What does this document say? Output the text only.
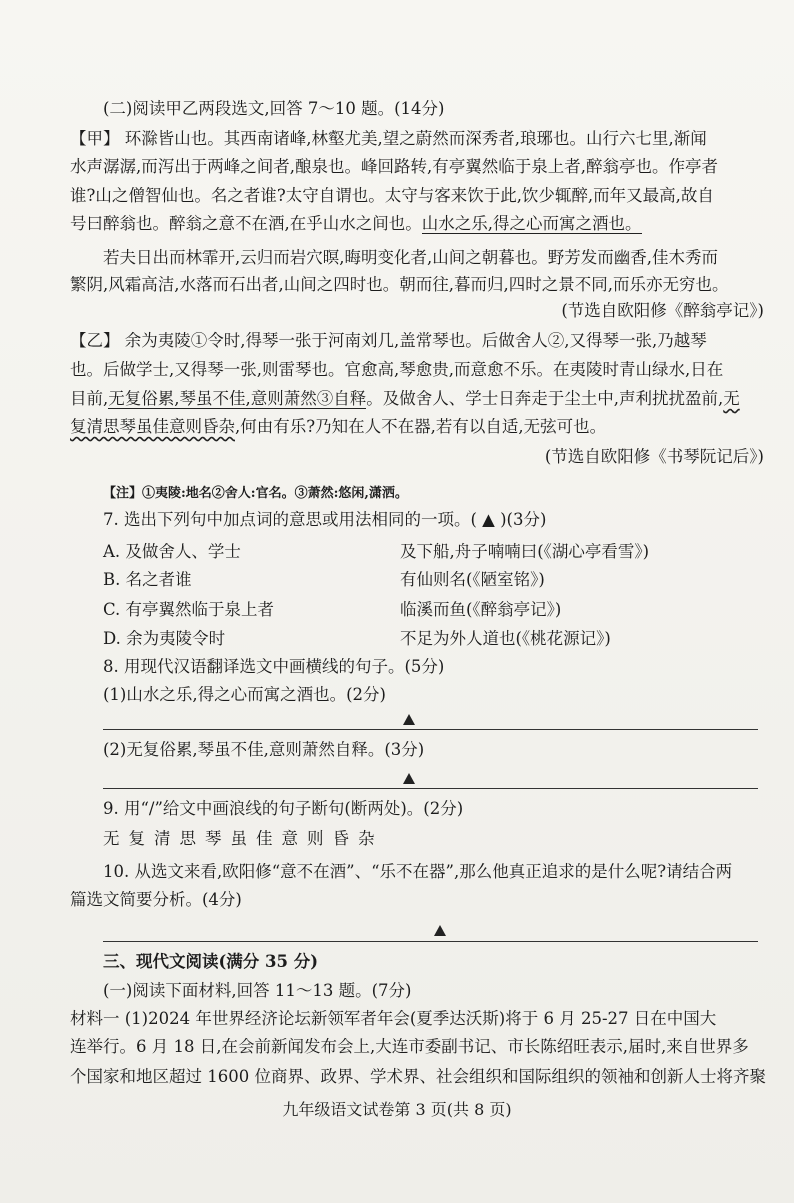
(二)阅读甲乙两段选文,回答 7～10 题。(14分)
【甲】 环滁皆山也。其西南诸峰,林壑尤美,望之蔚然而深秀者,琅琊也。山行六七里,渐闻
水声潺潺,而泻出于两峰之间者,酿泉也。峰回路转,有亭翼然临于泉上者,醉翁亭也。作亭者
谁?山之僧智仙也。名之者谁?太守自谓也。太守与客来饮于此,饮少辄醉,而年又最高,故自
号曰醉翁也。醉翁之意不在酒,在乎山水之间也。山水之乐,得之心而寓之酒也。
若夫日出而林霏开,云归而岩穴暝,晦明变化者,山间之朝暮也。野芳发而幽香,佳木秀而
繁阴,风霜高洁,水落而石出者,山间之四时也。朝而往,暮而归,四时之景不同,而乐亦无穷也。
(节选自欧阳修《醉翁亭记》)
【乙】 余为夷陵①令时,得琴一张于河南刘几,盖常琴也。后做舍人②,又得琴一张,乃越琴
也。后做学士,又得琴一张,则雷琴也。官愈高,琴愈贵,而意愈不乐。在夷陵时青山绿水,日在
目前,无复俗累,琴虽不佳,意则萧然③自释。及做舍人、学士日奔走于尘土中,声利扰扰盈前,无
复清思琴虽佳意则昏杂,何由有乐?乃知在人不在器,若有以自适,无弦可也。
(节选自欧阳修《书琴阮记后》)
【注】①夷陵:地名②舍人:官名。③萧然:悠闲,潇洒。
7. 选出下列句中加点词的意思或用法相同的一项。( ▲ )(3分)
A. 及做舍人、学士	及下船,舟子喃喃曰(《湖心亭看雪》)
B. 名之者谁	有仙则名(《陋室铭》)
C. 有亭翼然临于泉上者	临溪而鱼(《醉翁亭记》)
D. 余为夷陵令时	不足为外人道也(《桃花源记》)
8. 用现代汉语翻译选文中画横线的句子。(5分)
(1)山水之乐,得之心而寓之酒也。(2分)
(2)无复俗累,琴虽不佳,意则萧然自释。(3分)
9. 用“/”给文中画浪线的句子断句(断两处)。(2分)
无复清思琴虽佳意则昏杂
10. 从选文来看,欧阳修“意不在酒”、“乐不在器”,那么他真正追求的是什么呢?请结合两
篇选文简要分析。(4分)
三、现代文阅读(满分 35 分)
(一)阅读下面材料,回答 11～13 题。(7分)
材料一 (1)2024 年世界经济论坛新领军者年会(夏季达沃斯)将于 6 月 25-27 日在中国大
连举行。6 月 18 日,在会前新闻发布会上,大连市委副书记、市长陈绍旺表示,届时,来自世界多
个国家和地区超过 1600 位商界、政界、学术界、社会组织和国际组织的领袖和创新人士将齐聚
九年级语文试卷第 3 页(共 8 页)
